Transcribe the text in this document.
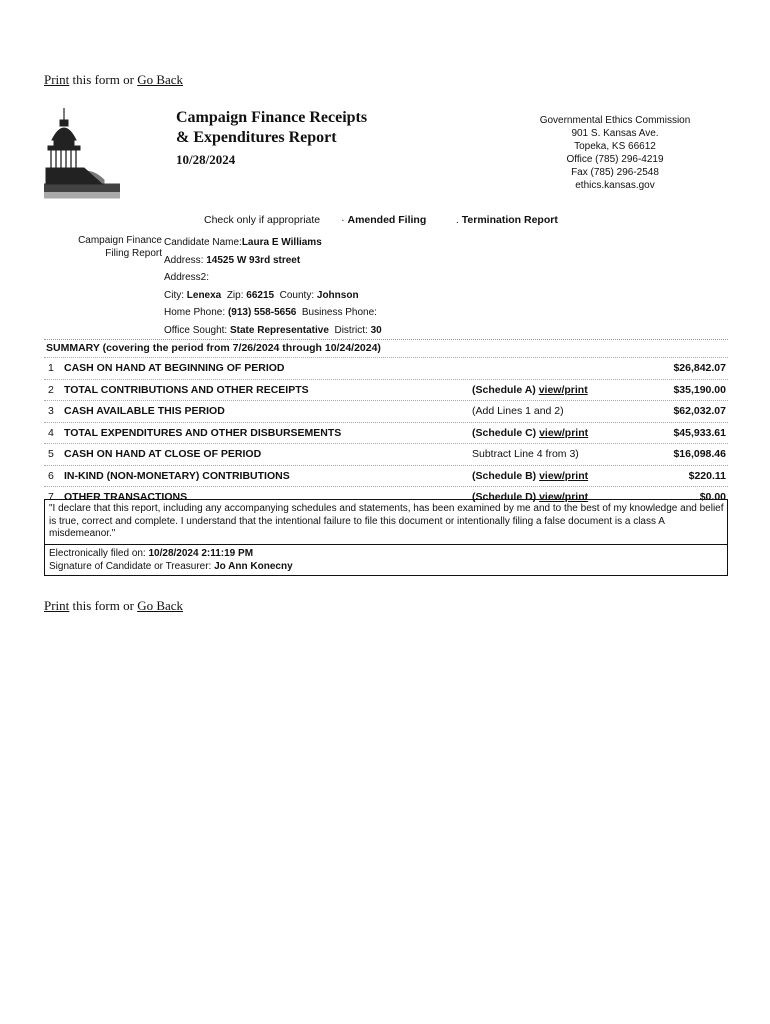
Print this form or Go Back
Campaign Finance Receipts
& Expenditures Report
10/28/2024
Governmental Ethics Commission
901 S. Kansas Ave.
Topeka, KS 66612
Office (785) 296-4219
Fax (785) 296-2548
ethics.kansas.gov
Check only if appropriate · Amended Filing	. Termination Report
Campaign Finance
Filing Report
Candidate Name:Laura E Williams
Address: 14525 W 93rd street
Address2:
City: Lenexa Zip: 66215 County: Johnson
Home Phone: (913) 558-5656 Business Phone:
Office Sought: State Representative District: 30
SUMMARY (covering the period from 7/26/2024 through 10/24/2024)
1 CASH ON HAND AT BEGINNING OF PERIOD	$26,842.07
2 TOTAL CONTRIBUTIONS AND OTHER RECEIPTS	(Schedule A) view/print	$35,190.00
3 CASH AVAILABLE THIS PERIOD	(Add Lines 1 and 2)	$62,032.07
4 TOTAL EXPENDITURES AND OTHER DISBURSEMENTS	(Schedule C) view/print	$45,933.61
5 CASH ON HAND AT CLOSE OF PERIOD	Subtract Line 4 from 3)	$16,098.46
6 IN-KIND (NON-MONETARY) CONTRIBUTIONS	(Schedule B) view/print	$220.11
7 OTHER TRANSACTIONS	(Schedule D) view/print	$0.00
"I declare that this report, including any accompanying schedules and statements, has been examined by me and to the best of my knowledge and belief is true, correct and complete. I understand that the intentional failure to file this document or intentionally filing a false document is a class A misdemeanor."
Electronically filed on: 10/28/2024 2:11:19 PM
Signature of Candidate or Treasurer: Jo Ann Konecny
Print this form or Go Back
